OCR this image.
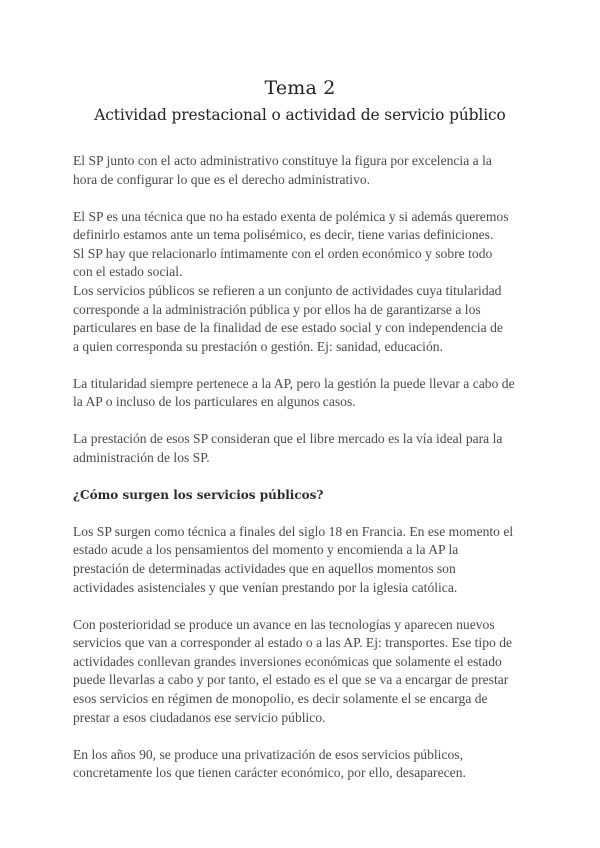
Tema 2
Actividad prestacional o actividad de servicio público

El SP junto con el acto administrativo constituye la figura por excelencia a la
hora de configurar lo que es el derecho administrativo.

El SP es una técnica que no ha estado exenta de polémica y si además queremos
definirlo estamos ante un tema polisémico, es decir, tiene varias definiciones.
Sl SP hay que relacionarlo íntimamente con el orden económico y sobre todo
con el estado social.

Los servicios públicos se refieren a un conjunto de actividades cuya titularidad
corresponde a la administración pública y por ellos ha de garantizarse a los
particulares en base de la finalidad de ese estado social y con independencia de
a quien corresponda su prestación o gestión. Ej: sanidad, educación.

La titularidad siempre pertenece a la AP, pero la gestión la puede llevar a cabo de
la AP o incluso de los particulares en algunos casos.

La prestación de esos SP consideran que el libre mercado es la vía ideal para la
administración de los SP.

¿Cómo surgen los servicios públicos?

Los SP surgen como técnica a finales del siglo 18 en Francia. En ese momento el
estado acude a los pensamientos del momento y encomienda a la AP la
prestación de determinadas actividades que en aquellos momentos son
actividades asistenciales y que venían prestando por la iglesia católica.

Con posterioridad se produce un avance en las tecnologías y aparecen nuevos
servicios que van a corresponder al estado o a las AP. Ej: transportes. Ese tipo de
actividades conllevan grandes inversiones económicas que solamente el estado
puede llevarlas a cabo y por tanto, el estado es el que se va a encargar de prestar
esos servicios en régimen de monopolio, es decir solamente el se encarga de
prestar a esos ciudadanos ese servicio público.

En los años 90, se produce una privatización de esos servicios públicos,
concretamente los que tienen carácter económico, por ello, desaparecen.
